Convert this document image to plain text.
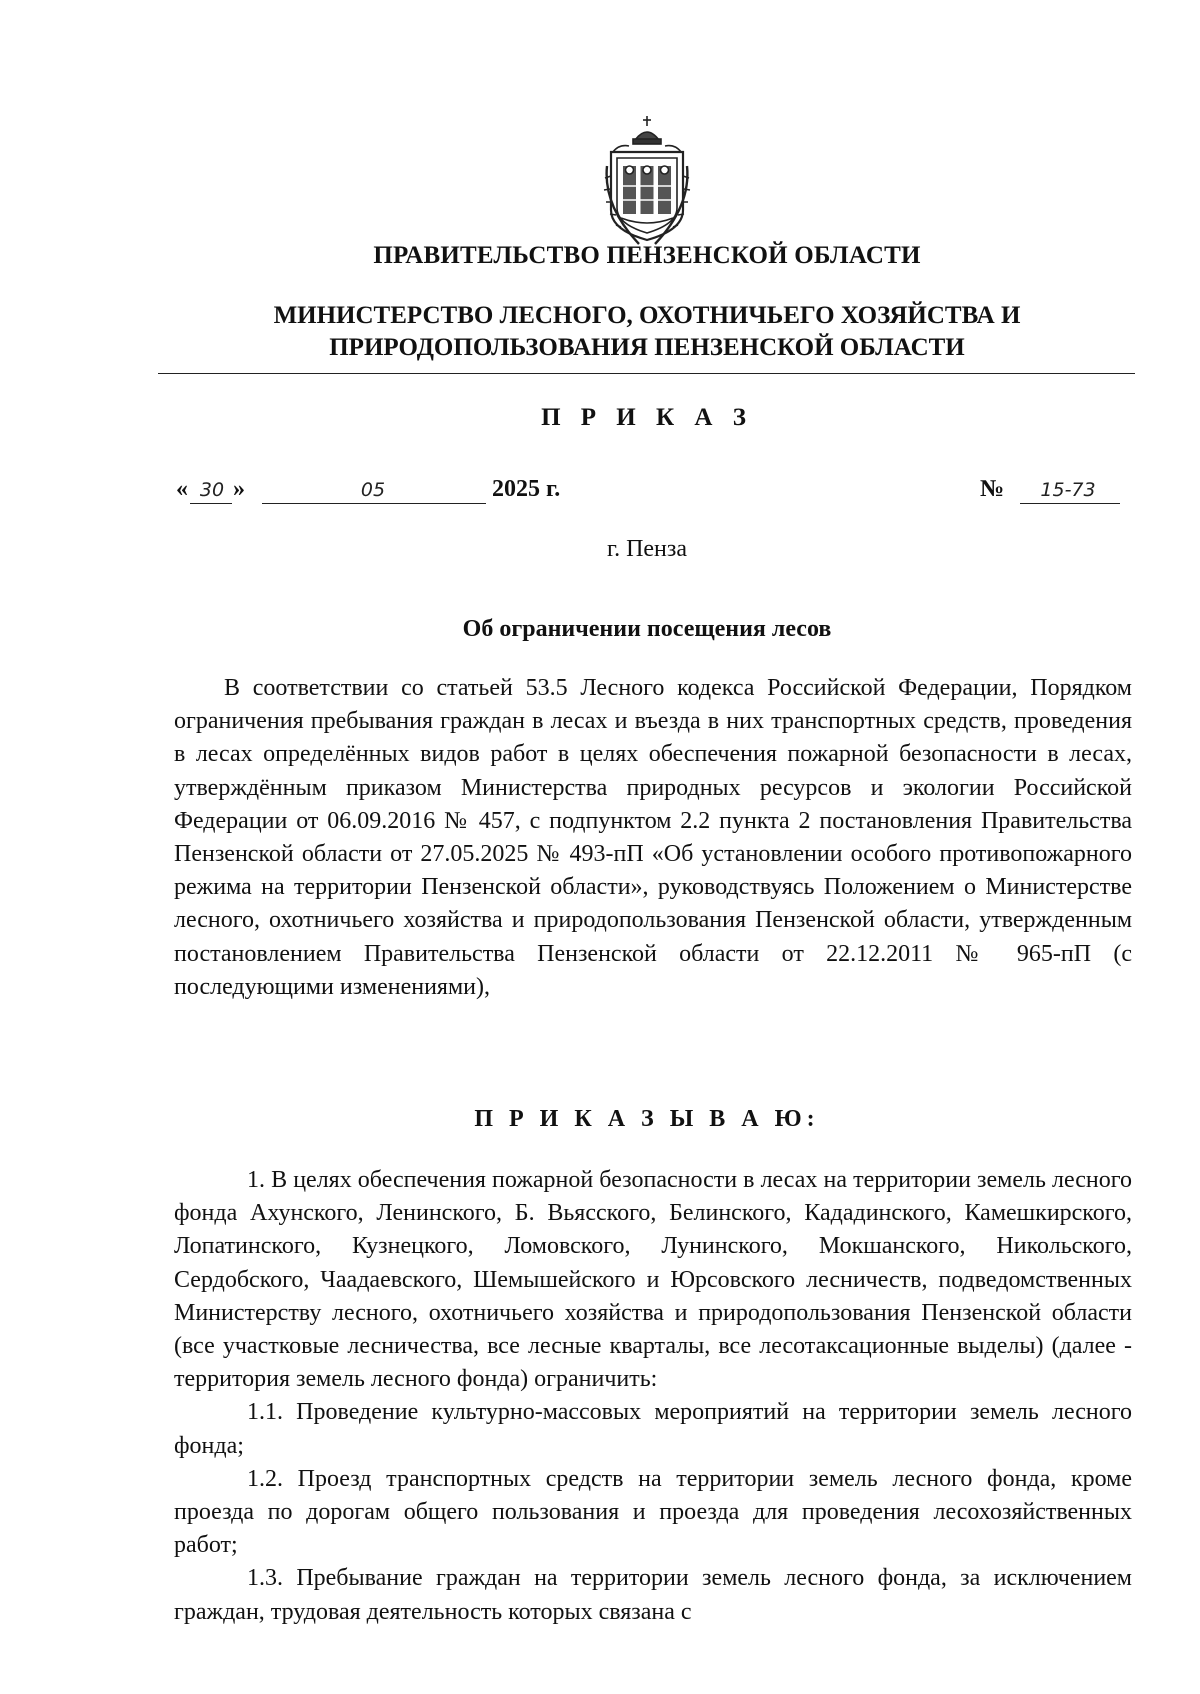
ПРАВИТЕЛЬСТВО ПЕНЗЕНСКОЙ ОБЛАСТИ
МИНИСТЕРСТВО ЛЕСНОГО, ОХОТНИЧЬЕГО ХОЗЯЙСТВА И
ПРИРОДОПОЛЬЗОВАНИЯ ПЕНЗЕНСКОЙ ОБЛАСТИ
П Р И К А З
« 30 »	05	2025 г.	№	15-73
г. Пенза
Об ограничении посещения лесов

В соответствии со статьей 53.5 Лесного кодекса Российской Федерации, Порядком ограничения пребывания граждан в лесах и въезда в них транспортных средств, проведения в лесах определённых видов работ в целях обеспечения пожарной безопасности в лесах, утверждённым приказом Министерства природных ресурсов и экологии Российской Федерации от 06.09.2016 № 457, с подпунктом 2.2 пункта 2 постановления Правительства Пензенской области от 27.05.2025 № 493-пП «Об установлении особого противопожарного режима на территории Пензенской области», руководствуясь Положением о Министерстве лесного, охотничьего хозяйства и природопользования Пензенской области, утвержденным постановлением Правительства Пензенской области от 22.12.2011 № 965-пП (с последующими изменениями),

П Р И К А З Ы В А Ю:

1. В целях обеспечения пожарной безопасности в лесах на территории земель лесного фонда Ахунского, Ленинского, Б. Вьясского, Белинского, Кададинского, Камешкирского, Лопатинского, Кузнецкого, Ломовского, Лунинского, Мокшанского, Никольского, Сердобского, Чаадаевского, Шемышейского и Юрсовского лесничеств, подведомственных Министерству лесного, охотничьего хозяйства и природопользования Пензенской области (все участковые лесничества, все лесные кварталы, все лесотаксационные выделы) (далее - территория земель лесного фонда) ограничить:

1.1. Проведение культурно-массовых мероприятий на территории земель лесного фонда;

1.2. Проезд транспортных средств на территории земель лесного фонда, кроме проезда по дорогам общего пользования и проезда для проведения лесохозяйственных работ;

1.3. Пребывание граждан на территории земель лесного фонда, за исключением граждан, трудовая деятельность которых связана с
